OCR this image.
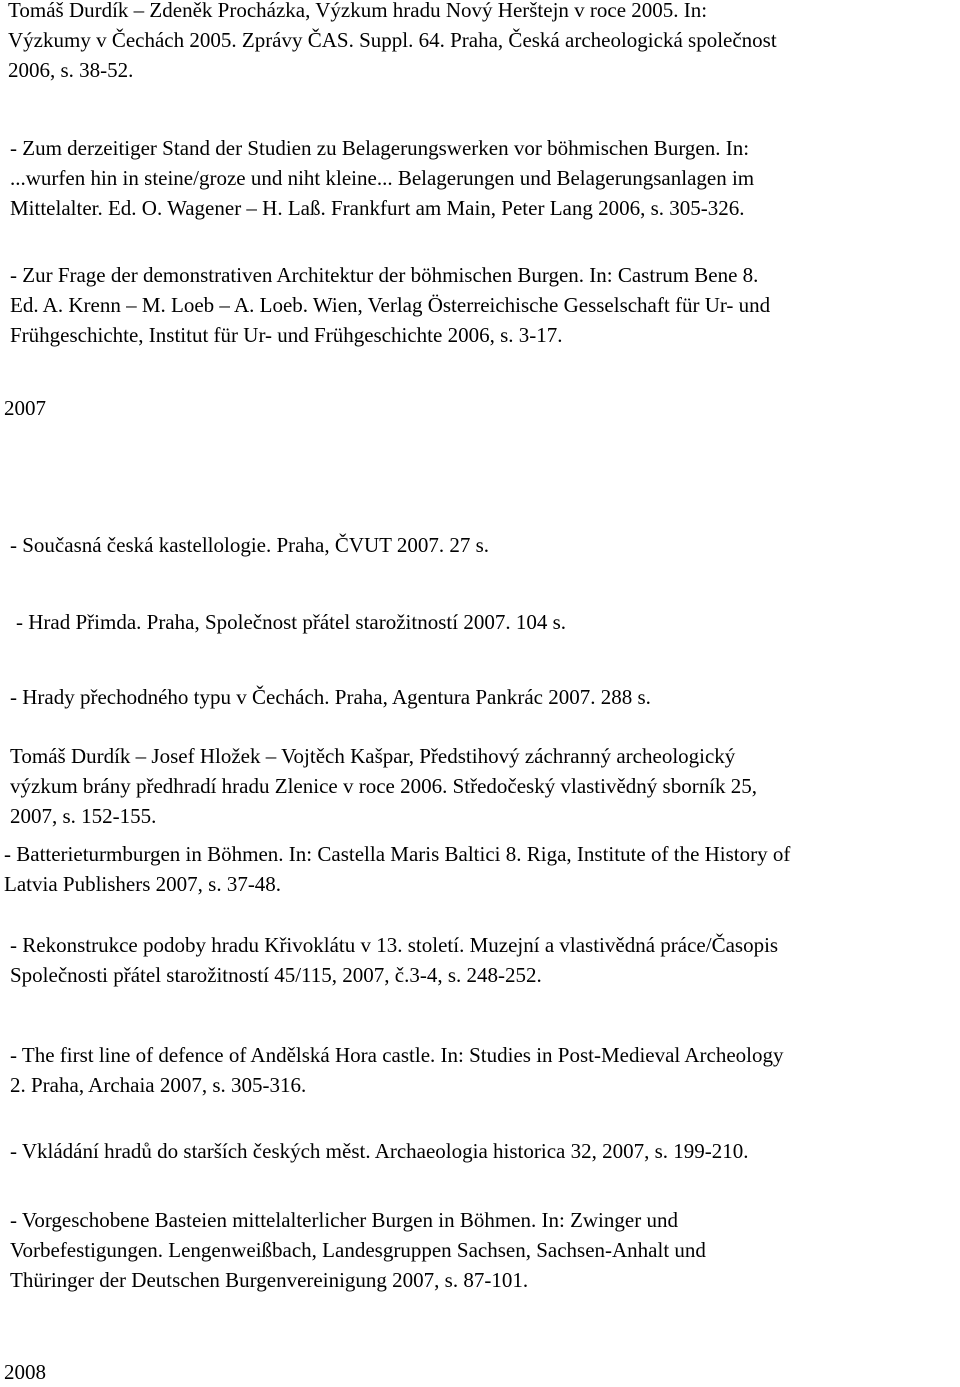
Tomáš Durdík – Zdeněk Procházka, Výzkum hradu Nový Herštejn v roce 2005. In:
Výzkumy v Čechách 2005. Zprávy ČAS. Suppl. 64. Praha, Česká archeologická společnost
2006, s. 38-52.
- Zum derzeitiger Stand der Studien zu Belagerungswerken vor böhmischen Burgen. In:
...wurfen hin in steine/groze und niht kleine... Belagerungen und Belagerungsanlagen im
Mittelalter. Ed. O. Wagener – H. Laß. Frankfurt am Main, Peter Lang 2006, s. 305-326.
- Zur Frage der demonstrativen Architektur der böhmischen Burgen. In: Castrum Bene 8.
Ed. A. Krenn – M. Loeb – A. Loeb. Wien, Verlag Österreichische Gesselschaft für Ur- und
Frühgeschichte, Institut für Ur- und Frühgeschichte 2006, s. 3-17.
2007
- Současná česká kastellologie. Praha, ČVUT 2007. 27 s.
- Hrad Přimda. Praha, Společnost přátel starožitností 2007. 104 s.
- Hrady přechodného typu v Čechách. Praha, Agentura Pankrác 2007. 288 s.
Tomáš Durdík – Josef Hložek – Vojtěch Kašpar, Předstihový záchranný archeologický
výzkum brány předhradí hradu Zlenice v roce 2006. Středočeský vlastivědný sborník 25,
2007, s. 152-155.
- Batterieturmburgen in Böhmen. In: Castella Maris Baltici 8. Riga, Institute of the History of
Latvia Publishers 2007, s. 37-48.
- Rekonstrukce podoby hradu Křivoklátu v 13. století. Muzejní a vlastivědná práce/Časopis
Společnosti přátel starožitností 45/115, 2007, č.3-4, s. 248-252.
- The first line of defence of Andělská Hora castle. In: Studies in Post-Medieval Archeology
2. Praha, Archaia 2007, s. 305-316.
- Vkládání hradů do starších českých měst. Archaeologia historica 32, 2007, s. 199-210.
- Vorgeschobene Basteien mittelalterlicher Burgen in Böhmen. In: Zwinger und
Vorbefestigungen. Lengenweißbach, Landesgruppen Sachsen, Sachsen-Anhalt und
Thüringer der Deutschen Burgenvereinigung 2007, s. 87-101.
2008
